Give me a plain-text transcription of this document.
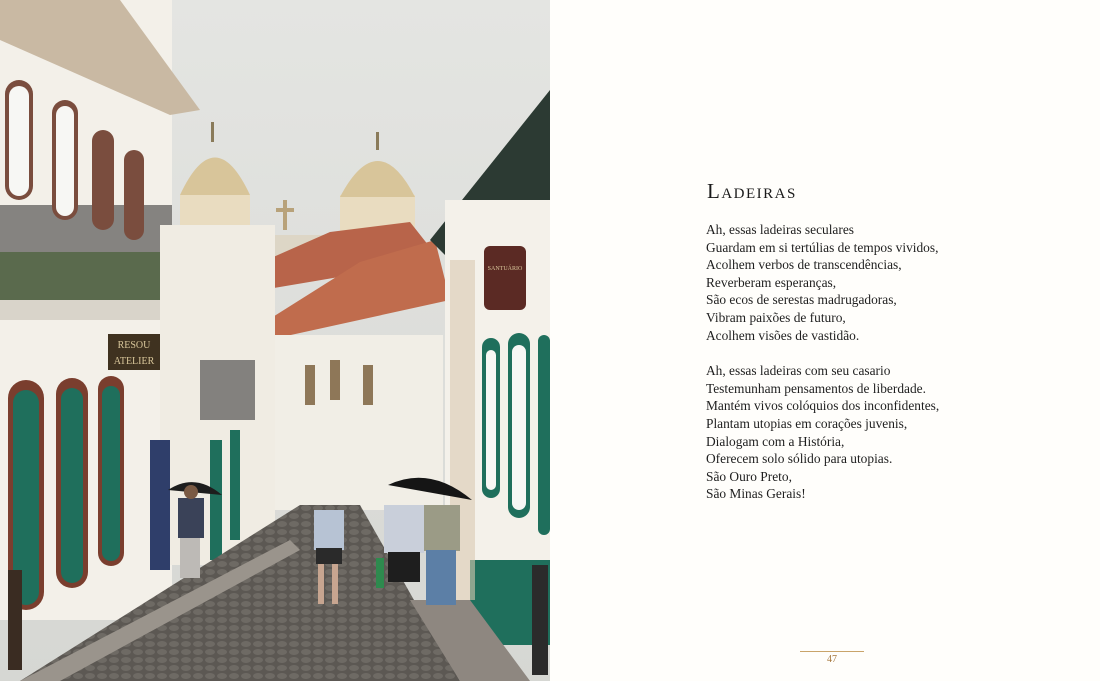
RESOU
ATELIER
SANTUÁRIO
Ladeiras

Ah, essas ladeiras seculares
Guardam em si tertúlias de tempos vividos,
Acolhem verbos de transcendências,
Reverberam esperanças,
São ecos de serestas madrugadoras,
Vibram paixões de futuro,
Acolhem visões de vastidão.

Ah, essas ladeiras com seu casario
Testemunham pensamentos de liberdade.
Mantém vivos colóquios dos inconfidentes,
Plantam utopias em corações juvenis,
Dialogam com a História,
Oferecem solo sólido para utopias.
São Ouro Preto,
São Minas Gerais!

47
